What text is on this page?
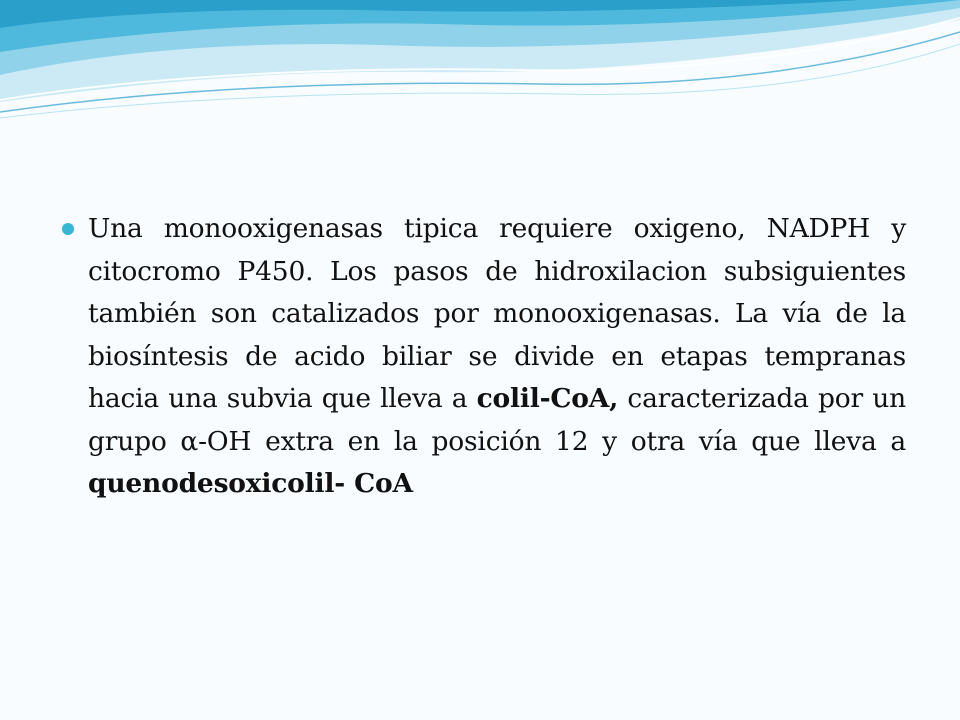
Una monooxigenasas tipica requiere oxigeno, NADPH y citocromo P450. Los pasos de hidroxilacion subsiguientes también son catalizados por monooxigenasas. La vía de la biosíntesis de acido biliar se divide en etapas tempranas hacia una subvia que lleva a colil-CoA, caracterizada por un grupo α-OH extra en la posición 12 y otra vía que lleva a quenodesoxicolil- CoA
